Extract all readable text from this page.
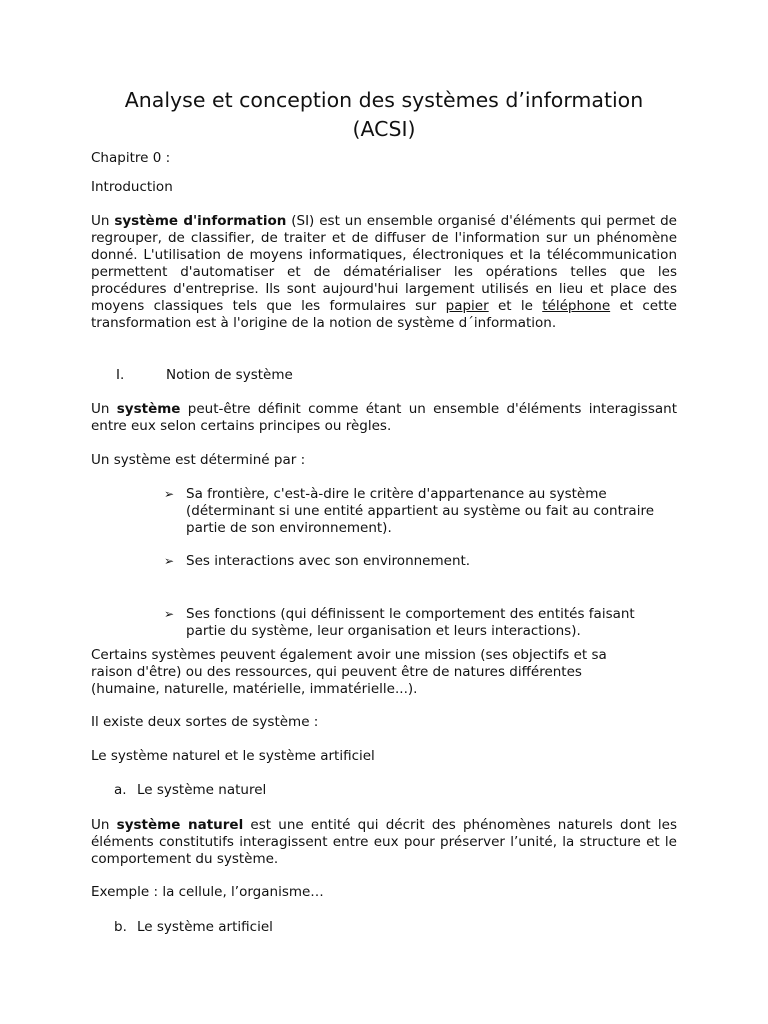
Analyse et conception des systèmes d’information
(ACSI)
Chapitre 0 :
Introduction
Un système d'information (SI) est un ensemble organisé d'éléments qui permet de regrouper, de classifier, de traiter et de diffuser de l'information sur un phénomène donné. L'utilisation de moyens informatiques, électroniques et la télécommunication permettent d'automatiser et de dématérialiser les opérations telles que les procédures d'entreprise. Ils sont aujourd'hui largement utilisés en lieu et place des moyens classiques tels que les formulaires sur papier et le téléphone et cette transformation est à l'origine de la notion de système d´information.
I.	Notion de système
Un système peut-être définit comme étant un ensemble d'éléments interagissant entre eux selon certains principes ou règles.
Un système est déterminé par :
➢ Sa frontière, c'est-à-dire le critère d'appartenance au système (déterminant si une entité appartient au système ou fait au contraire partie de son environnement).
➢ Ses interactions avec son environnement.
➢ Ses fonctions (qui définissent le comportement des entités faisant partie du système, leur organisation et leurs interactions).
Certains systèmes peuvent également avoir une mission (ses objectifs et sa raison d'être) ou des ressources, qui peuvent être de natures différentes (humaine, naturelle, matérielle, immatérielle...).
Il existe deux sortes de système :
Le système naturel et le système artificiel
a. Le système naturel
Un système naturel est une entité qui décrit des phénomènes naturels dont les éléments constitutifs interagissent entre eux pour préserver l’unité, la structure et le comportement du système.
Exemple : la cellule, l’organisme…
b. Le système artificiel
